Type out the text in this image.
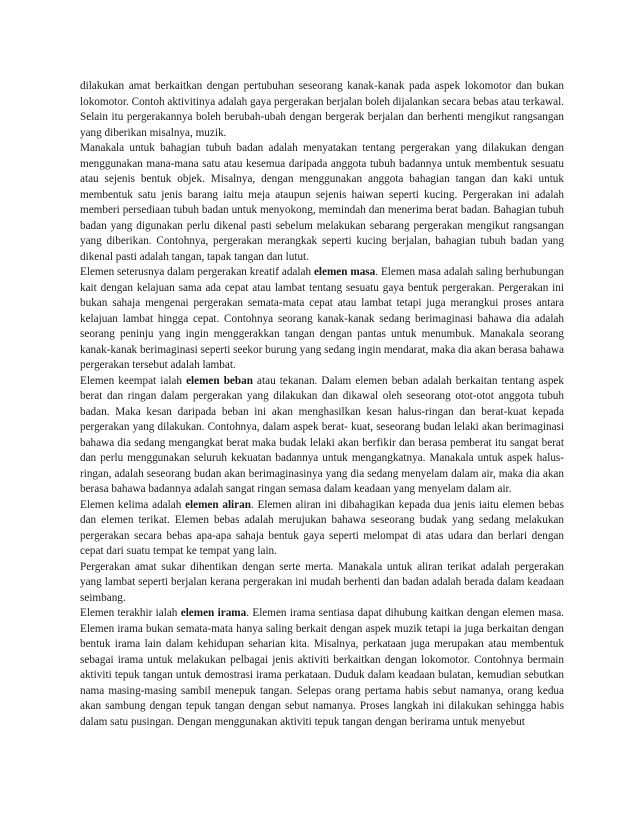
dilakukan amat berkaitkan dengan pertubuhan seseorang kanak-kanak pada aspek lokomotor dan bukan lokomotor. Contoh aktivitinya adalah gaya pergerakan berjalan boleh dijalankan secara bebas atau terkawal. Selain itu pergerakannya boleh berubah-ubah dengan bergerak berjalan dan berhenti mengikut rangsangan yang diberikan misalnya, muzik.

Manakala untuk bahagian tubuh badan adalah menyatakan tentang pergerakan yang dilakukan dengan menggunakan mana-mana satu atau kesemua daripada anggota tubuh badannya untuk membentuk sesuatu atau sejenis bentuk objek. Misalnya, dengan menggunakan anggota bahagian tangan dan kaki untuk membentuk satu jenis barang iaitu meja ataupun sejenis haiwan seperti kucing. Pergerakan ini adalah memberi persediaan tubuh badan untuk menyokong, memindah dan menerima berat badan. Bahagian tubuh badan yang digunakan perlu dikenal pasti sebelum melakukan sebarang pergerakan mengikut rangsangan yang diberikan. Contohnya, pergerakan merangkak seperti kucing berjalan, bahagian tubuh badan yang dikenal pasti adalah tangan, tapak tangan dan lutut.

Elemen seterusnya dalam pergerakan kreatif adalah elemen masa. Elemen masa adalah saling berhubungan kait dengan kelajuan sama ada cepat atau lambat tentang sesuatu gaya bentuk pergerakan. Pergerakan ini bukan sahaja mengenai pergerakan semata-mata cepat atau lambat tetapi juga merangkui proses antara kelajuan lambat hingga cepat. Contohnya seorang kanak-kanak sedang berimaginasi bahawa dia adalah seorang peninju yang ingin menggerakkan tangan dengan pantas untuk menumbuk. Manakala seorang kanak-kanak berimaginasi seperti seekor burung yang sedang ingin mendarat, maka dia akan berasa bahawa pergerakan tersebut adalah lambat.

Elemen keempat ialah elemen beban atau tekanan. Dalam elemen beban adalah berkaitan tentang aspek berat dan ringan dalam pergerakan yang dilakukan dan dikawal oleh seseorang otot-otot anggota tubuh badan. Maka kesan daripada beban ini akan menghasilkan kesan halus-ringan dan berat-kuat kepada pergerakan yang dilakukan. Contohnya, dalam aspek berat- kuat, seseorang budan lelaki akan berimaginasi bahawa dia sedang mengangkat berat maka budak lelaki akan berfikir dan berasa pemberat itu sangat berat dan perlu menggunakan seluruh kekuatan badannya untuk mengangkatnya. Manakala untuk aspek halus-ringan, adalah seseorang budan akan berimaginasinya yang dia sedang menyelam dalam air, maka dia akan berasa bahawa badannya adalah sangat ringan semasa dalam keadaan yang menyelam dalam air.

Elemen kelima adalah elemen aliran. Elemen aliran ini dibahagikan kepada dua jenis iaitu elemen bebas dan elemen terikat. Elemen bebas adalah merujukan bahawa seseorang budak yang sedang melakukan pergerakan secara bebas apa-apa sahaja bentuk gaya seperti melompat di atas udara dan berlari dengan cepat dari suatu tempat ke tempat yang lain.

Pergerakan amat sukar dihentikan dengan serte merta. Manakala untuk aliran terikat adalah pergerakan yang lambat seperti berjalan kerana pergerakan ini mudah berhenti dan badan adalah berada dalam keadaan seimbang.

Elemen terakhir ialah elemen irama. Elemen irama sentiasa dapat dihubung kaitkan dengan elemen masa. Elemen irama bukan semata-mata hanya saling berkait dengan aspek muzik tetapi ia juga berkaitan dengan bentuk irama lain dalam kehidupan seharian kita. Misalnya, perkataan juga merupakan atau membentuk sebagai irama untuk melakukan pelbagai jenis aktiviti berkaitkan dengan lokomotor. Contohnya bermain aktiviti tepuk tangan untuk demostrasi irama perkataan. Duduk dalam keadaan bulatan, kemudian sebutkan nama masing-masing sambil menepuk tangan. Selepas orang pertama habis sebut namanya, orang kedua akan sambung dengan tepuk tangan dengan sebut namanya. Proses langkah ini dilakukan sehingga habis dalam satu pusingan. Dengan menggunakan aktiviti tepuk tangan dengan berirama untuk menyebut
